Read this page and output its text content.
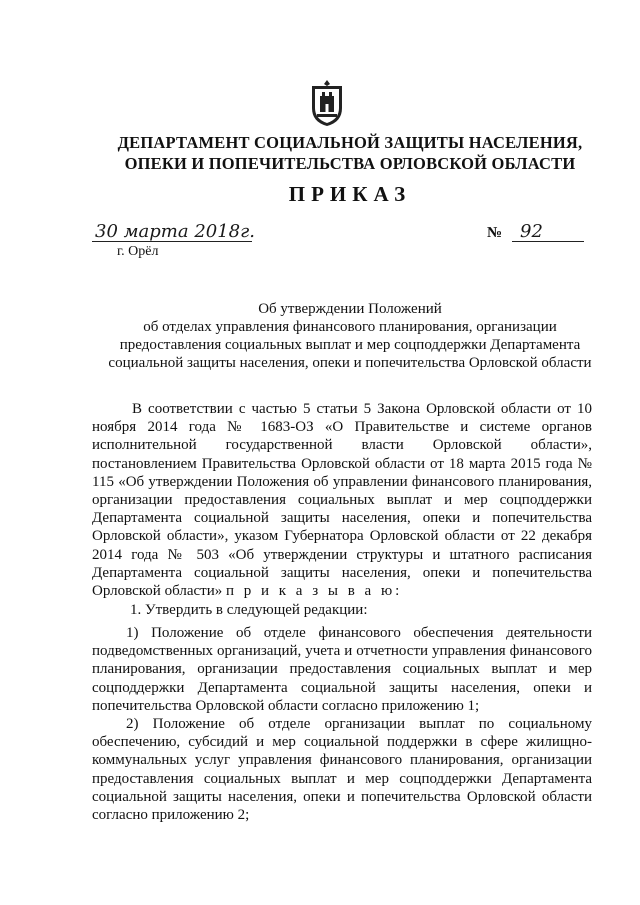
ДЕПАРТАМЕНТ СОЦИАЛЬНОЙ ЗАЩИТЫ НАСЕЛЕНИЯ,
ОПЕКИ И ПОПЕЧИТЕЛЬСТВА ОРЛОВСКОЙ ОБЛАСТИ
ПРИКАЗ
30 марта 2018г.	№ 92
г. Орёл
Об утверждении Положений
об отделах управления финансового планирования, организации
предоставления социальных выплат и мер соцподдержки Департамента
социальной защиты населения, опеки и попечительства Орловской области

В соответствии с частью 5 статьи 5 Закона Орловской области от 10 ноября 2014 года № 1683-ОЗ «О Правительстве и системе органов исполнительной государственной власти Орловской области», постановлением Правительства Орловской области от 18 марта 2015 года № 115 «Об утверждении Положения об управлении финансового планирования, организации предоставления социальных выплат и мер соцподдержки Департамента социальной защиты населения, опеки и попечительства Орловской области», указом Губернатора Орловской области от 22 декабря 2014 года № 503 «Об утверждении структуры и штатного расписания Департамента социальной защиты населения, опеки и попечительства Орловской области» п р и к а з ы в а ю:

1. Утвердить в следующей редакции:

1) Положение об отделе финансового обеспечения деятельности подведомственных организаций, учета и отчетности управления финансового планирования, организации предоставления социальных выплат и мер соцподдержки Департамента социальной защиты населения, опеки и попечительства Орловской области согласно приложению 1;

2) Положение об отделе организации выплат по социальному обеспечению, субсидий и мер социальной поддержки в сфере жилищно-коммунальных услуг управления финансового планирования, организации предоставления социальных выплат и мер соцподдержки Департамента социальной защиты населения, опеки и попечительства Орловской области согласно приложению 2;
